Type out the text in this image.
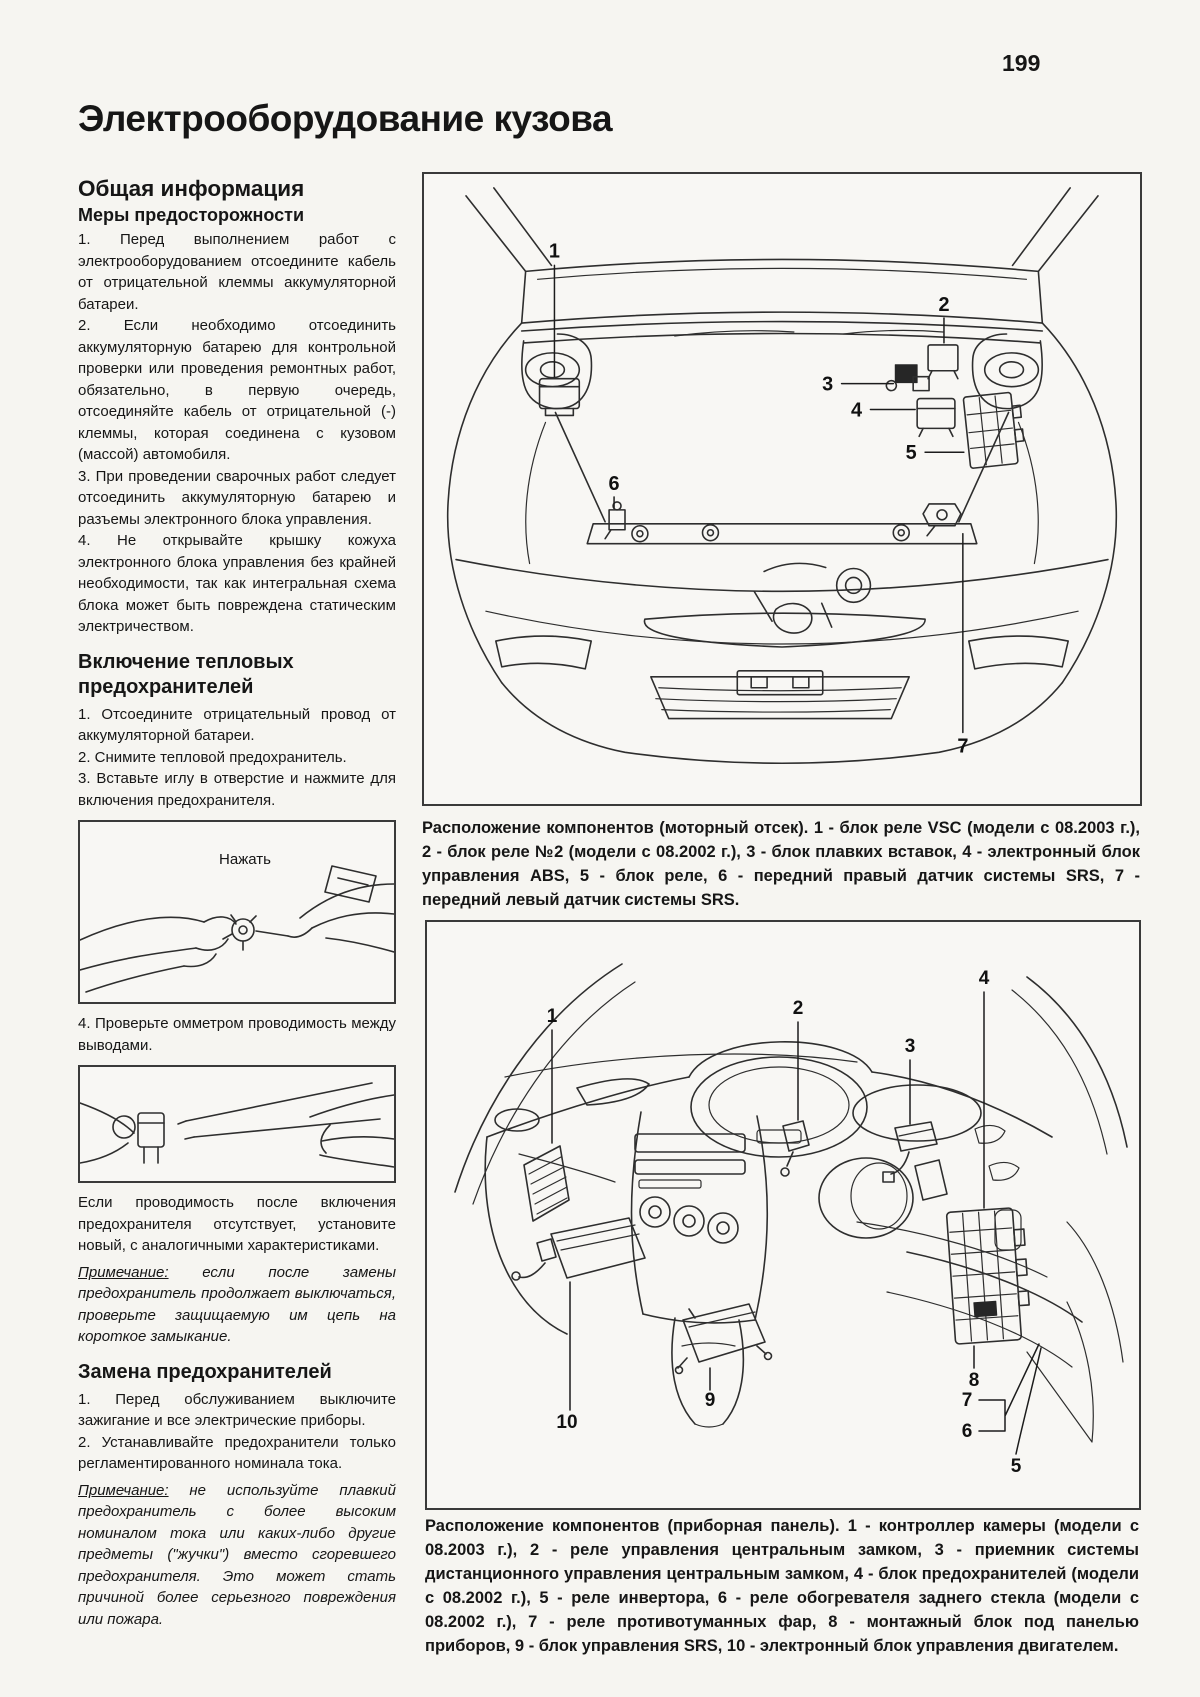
199
Электрооборудование кузова
Общая информация
Меры предосторожности

1. Перед выполнением работ с электрооборудованием отсоедините кабель от отрицательной клеммы аккумуляторной батареи.

2. Если необходимо отсоединить аккумуляторную батарею для контрольной проверки или проведения ремонтных работ, обязательно, в первую очередь, отсоединяйте кабель от отрицательной (-) клеммы, которая соединена с кузовом (массой) автомобиля.

3. При проведении сварочных работ следует отсоединить аккумуляторную батарею и разъемы электронного блока управления.

4. Не открывайте крышку кожуха электронного блока управления без крайней необходимости, так как интегральная схема блока может быть повреждена статическим электричеством.

Включение тепловых предохранителей

1. Отсоедините отрицательный провод от аккумуляторной батареи.

2. Снимите тепловой предохранитель.

3. Вставьте иглу в отверстие и нажмите для включения предохранителя.

Нажать

4. Проверьте омметром проводимость между выводами.

Если проводимость после включения предохранителя отсутствует, установите новый, с аналогичными характеристиками.

Примечание: если после замены предохранитель продолжает выключаться, проверьте защищаемую им цепь на короткое замыкание.

Замена предохранителей

1. Перед обслуживанием выключите зажигание и все электрические приборы.

2. Устанавливайте предохранители только регламентированного номинала тока.

Примечание: не используйте плавкий предохранитель с более высоким номиналом тока или каких-либо другие предметы ("жучки") вместо сгоревшего предохранителя. Это может стать причиной более серьезного повреждения или пожара.

1
2
3
4
5
6
7
Расположение компонентов (моторный отсек). 1 - блок реле VSC (модели с 08.2003 г.), 2 - блок реле №2 (модели с 08.2002 г.), 3 - блок плавких вставок, 4 - электронный блок управления ABS, 5 - блок реле, 6 - передний правый датчик системы SRS, 7 - передний левый датчик системы SRS.
1	2
3
4
5
6
7
8
9
10
Расположение компонентов (приборная панель). 1 - контроллер камеры (модели с 08.2003 г.), 2 - реле управления центральным замком, 3 - приемник системы дистанционного управления центральным замком, 4 - блок предохранителей (модели с 08.2002 г.), 5 - реле инвертора, 6 - реле обогревателя заднего стекла (модели с 08.2002 г.), 7 - реле противотуманных фар, 8 - монтажный блок под панелью приборов, 9 - блок управления SRS, 10 - электронный блок управления двигателем.
